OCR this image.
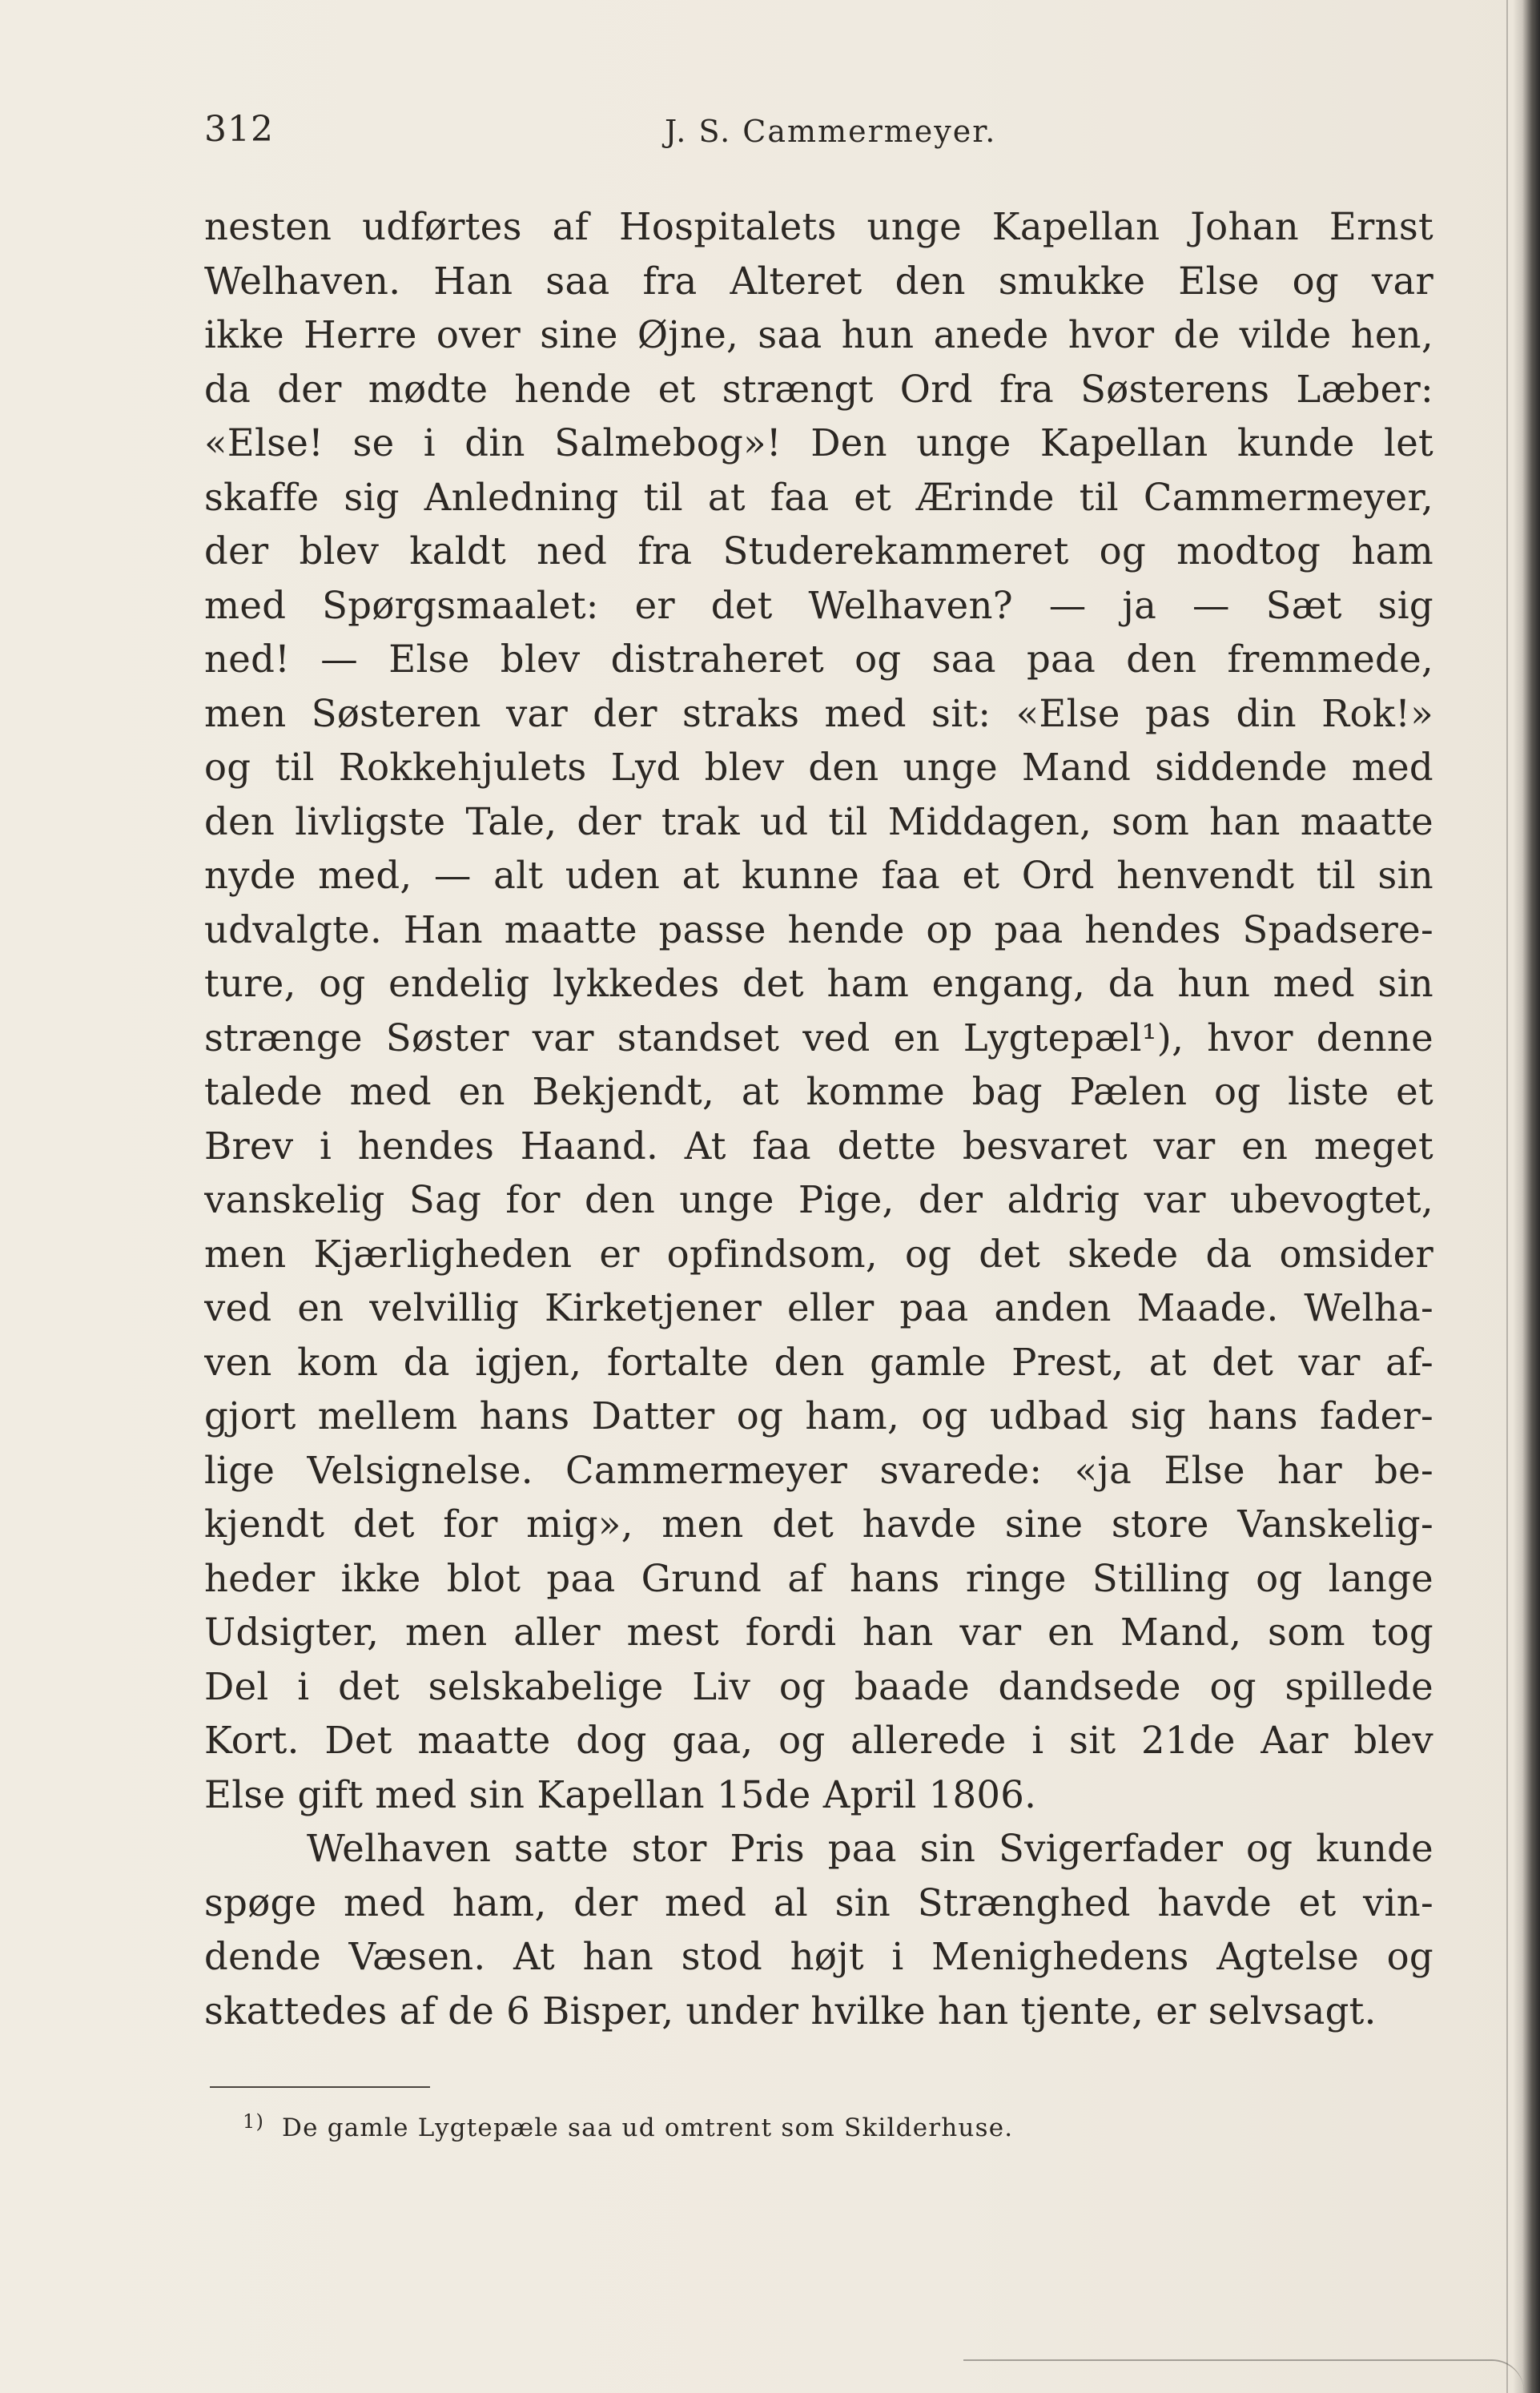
312	J. S. Cammermeyer.
nesten udførtes af Hospitalets unge Kapellan Johan Ernst
Welhaven. Han saa fra Alteret den smukke Else og var
ikke Herre over sine Øjne, saa hun anede hvor de vilde hen,
da der mødte hende et strængt Ord fra Søsterens Læber:
«Else! se i din Salmebog»! Den unge Kapellan kunde let
skaffe sig Anledning til at faa et Ærinde til Cammermeyer,
der blev kaldt ned fra Studerekammeret og modtog ham
med Spørgsmaalet: er det Welhaven? — ja — Sæt sig
ned! — Else blev distraheret og saa paa den fremmede,
men Søsteren var der straks med sit: «Else pas din Rok!»
og til Rokkehjulets Lyd blev den unge Mand siddende med
den livligste Tale, der trak ud til Middagen, som han maatte
nyde med, — alt uden at kunne faa et Ord henvendt til sin
udvalgte. Han maatte passe hende op paa hendes Spadsere-
ture, og endelig lykkedes det ham engang, da hun med sin
strænge Søster var standset ved en Lygtepæl¹), hvor denne
talede med en Bekjendt, at komme bag Pælen og liste et
Brev i hendes Haand. At faa dette besvaret var en meget
vanskelig Sag for den unge Pige, der aldrig var ubevogtet,
men Kjærligheden er opfindsom, og det skede da omsider
ved en velvillig Kirketjener eller paa anden Maade. Welha-
ven kom da igjen, fortalte den gamle Prest, at det var af-
gjort mellem hans Datter og ham, og udbad sig hans fader-
lige Velsignelse. Cammermeyer svarede: «ja Else har be-
kjendt det for mig», men det havde sine store Vanskelig-
heder ikke blot paa Grund af hans ringe Stilling og lange
Udsigter, men aller mest fordi han var en Mand, som tog
Del i det selskabelige Liv og baade dandsede og spillede
Kort. Det maatte dog gaa, og allerede i sit 21de Aar blev
Else gift med sin Kapellan 15de April 1806.
Welhaven satte stor Pris paa sin Svigerfader og kunde
spøge med ham, der med al sin Strænghed havde et vin-
dende Væsen. At han stod højt i Menighedens Agtelse og
skattedes af de 6 Bisper, under hvilke han tjente, er selvsagt.
$^{1)}$ De gamle Lygtepæle saa ud omtrent som Skilderhuse.
